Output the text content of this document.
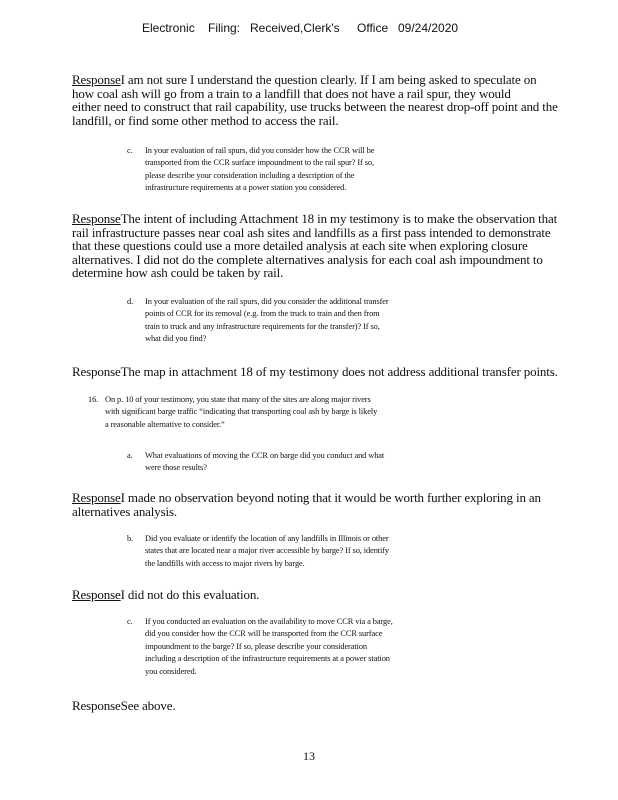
Electronic

Filing:

Received,Clerk's

Office

09/24/2020

ResponseI am not sure I understand the question clearly. If I am being asked to speculate on
how coal ash will go from a train to a landfill that does not have a rail spur, they would
either need to construct that rail capability, use trucks between the nearest drop-off point and the
landfill, or find some other method to access the rail.
c. In your evaluation of rail spurs, did you consider how the CCR will be
transported from the CCR surface impoundment to the rail spur? If so,
please describe your consideration including a description of the
infrastructure requirements at a power station you considered.
ResponseThe intent of including Attachment 18 in my testimony is to make the observation that
rail infrastructure passes near coal ash sites and landfills as a first pass intended to demonstrate
that these questions could use a more detailed analysis at each site when exploring closure
alternatives. I did not do the complete alternatives analysis for each coal ash impoundment to
determine how ash could be taken by rail.
d. In your evaluation of the rail spurs, did you consider the additional transfer
points of CCR for its removal (e.g. from the truck to train and then from
train to truck and any infrastructure requirements for the transfer)? If so,
what did you find?
ResponseThe map in attachment 18 of my testimony does not address additional transfer points.
16. On p. 10 of your testimony, you state that many of the sites are along major rivers
with significant barge traffic “indicating that transporting coal ash by barge is likely
a reasonable alternative to consider.”
a. What evaluations of moving the CCR on barge did you conduct and what
were those results?
ResponseI made no observation beyond noting that it would be worth further exploring in an
alternatives analysis.
b. Did you evaluate or identify the location of any landfills in Illinois or other
states that are located near a major river accessible by barge? If so, identify
the landfills with access to major rivers by barge.
ResponseI did not do this evaluation.
c. If you conducted an evaluation on the availability to move CCR via a barge,
did you consider how the CCR will be transported from the CCR surface
impoundment to the barge? If so, please describe your consideration
including a description of the infrastructure requirements at a power station
you considered.
ResponseSee above.
13
